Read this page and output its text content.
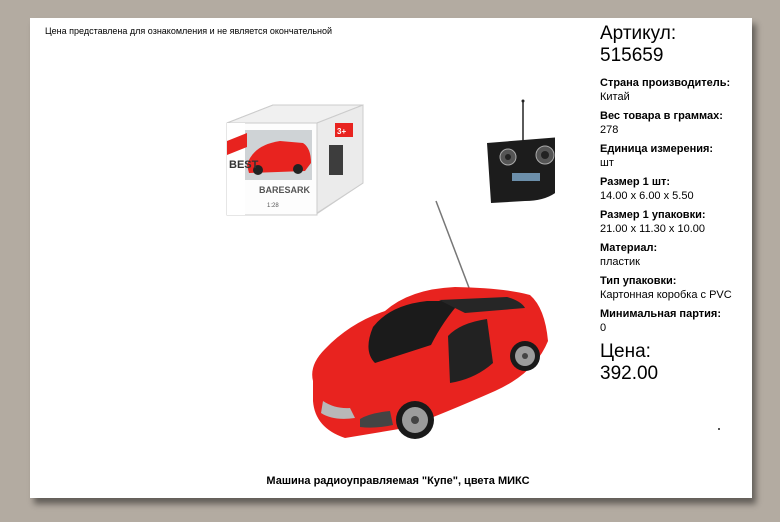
Цена представлена для ознакомления и не является окончательной
BEST
BARESARK
1:28
3+
Машина радиоуправляемая "Купе", цвета МИКС
Артикул:
515659
Страна производитель:
Китай
Вес товара в граммах:
278
Единица измерения:
шт
Размер 1 шт:
14.00 x 6.00 x 5.50
Размер 1 упаковки:
21.00 x 11.30 x 10.00
Материал:
пластик
Тип упаковки:
Картонная коробка с PVC
Минимальная партия:
0
Цена:
392.00
